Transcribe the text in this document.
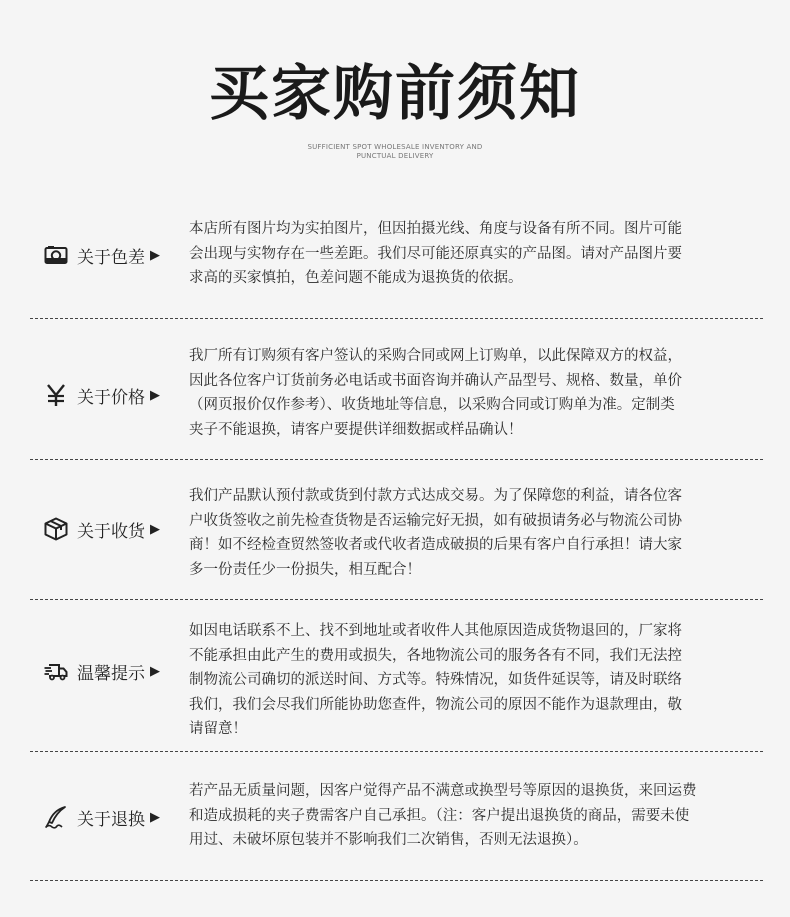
买家购前须知
SUFFICIENT SPOT WHOLESALE INVENTORY AND
PUNCTUAL DELIVERY
关于色差 ▶
本店所有图片均为实拍图片，但因拍摄光线、角度与设备有所不同。图片可能
会出现与实物存在一些差距。我们尽可能还原真实的产品图。请对产品图片要
求高的买家慎拍，色差问题不能成为退换货的依据。
关于价格 ▶
我厂所有订购须有客户签认的采购合同或网上订购单，以此保障双方的权益，
因此各位客户订货前务必电话或书面咨询并确认产品型号、规格、数量，单价
（网页报价仅作参考）、收货地址等信息，以采购合同或订购单为准。定制类
夹子不能退换，请客户要提供详细数据或样品确认！
关于收货 ▶
我们产品默认预付款或货到付款方式达成交易。为了保障您的利益，请各位客
户收货签收之前先检查货物是否运输完好无损，如有破损请务必与物流公司协
商！如不经检查贸然签收者或代收者造成破损的后果有客户自行承担！请大家
多一份责任少一份损失，相互配合！
温馨提示 ▶
如因电话联系不上、找不到地址或者收件人其他原因造成货物退回的，厂家将
不能承担由此产生的费用或损失，各地物流公司的服务各有不同，我们无法控
制物流公司确切的派送时间、方式等。特殊情况，如货件延误等，请及时联络
我们，我们会尽我们所能协助您查件，物流公司的原因不能作为退款理由，敬
请留意！
关于退换 ▶
若产品无质量问题，因客户觉得产品不满意或换型号等原因的退换货，来回运费
和造成损耗的夹子费需客户自己承担。（注：客户提出退换货的商品，需要未使
用过、未破坏原包装并不影响我们二次销售，否则无法退换）。
